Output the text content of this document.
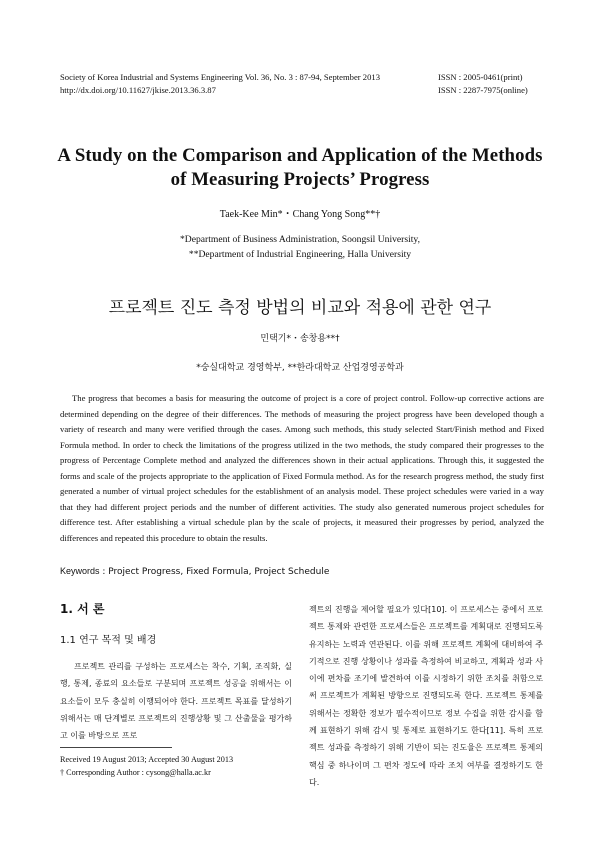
Society of Korea Industrial and Systems Engineering Vol. 36, No. 3 : 87-94, September 2013
http://dx.doi.org/10.11627/jkise.2013.36.3.87
ISSN : 2005-0461(print)
ISSN : 2287-7975(online)
A Study on the Comparison and Application of the Methods
of Measuring Projects’ Progress
Taek-Kee Min*・Chang Yong Song**†
*Department of Business Administration, Soongsil University,
**Department of Industrial Engineering, Halla University
프로젝트 진도 측정 방법의 비교와 적용에 관한 연구
민택기*・송창용**†
*숭실대학교 경영학부, **한라대학교 산업경영공학과

The progress that becomes a basis for measuring the outcome of project is a core of project control. Follow-up corrective actions are determined depending on the degree of their differences. The methods of measuring the project progress have been developed though a variety of research and many were verified through the cases. Among such methods, this study selected Start/Finish method and Fixed Formula method. In order to check the limitations of the progress utilized in the two methods, the study compared their progresses to the progress of Percentage Complete method and analyzed the differences shown in their actual applications. Through this, it suggested the forms and scale of the projects appropriate to the application of Fixed Formula method. As for the research progress method, the study first generated a number of virtual project schedules for the establishment of an analysis model. These project schedules were varied in a way that they had different project periods and the number of different activities. The study also generated numerous project schedules for difference test. After establishing a virtual schedule plan by the scale of projects, it measured their progresses by period, analyzed the differences and repeated this procedure to obtain the results.

Keywords : Project Progress, Fixed Formula, Project Schedule
1. 서 론
1.1 연구 목적 및 배경

프로젝트 관리를 구성하는 프로세스는 착수, 기획, 조직화, 실행, 통제, 종료의 요소들로 구분되며 프로젝트 성공을 위해서는 이 요소들이 모두 충실히 이행되어야 한다. 프로젝트 목표를 달성하기 위해서는 매 단계별로 프로젝트의 진행상황 및 그 산출물을 평가하고 이를 바탕으로 프로

젝트의 진행을 제어할 필요가 있다[10]. 이 프로세스는 중에서 프로젝트 통제와 관련한 프로세스들은 프로젝트를 계획대로 진행되도록 유지하는 노력과 연관된다. 이를 위해 프로젝트 계획에 대비하여 주기적으로 진행 상황이나 성과를 측정하여 비교하고, 계획과 성과 사이에 편차를 조기에 발견하여 이를 시정하기 위한 조치를 취함으로써 프로젝트가 계획된 방향으로 진행되도록 한다. 프로젝트 통제를 위해서는 정확한 정보가 필수적이므로 정보 수집을 위한 감시를 함께 표현하기 위해 감시 및 통제로 표현하기도 한다[11]. 특히 프로젝트 성과를 측정하기 위해 기반이 되는 진도율은 프로젝트 통제의 핵심 중 하나이며 그 편차 정도에 따라 조치 여부를 결정하기도 한다.

Received 19 August 2013; Accepted 30 August 2013
† Corresponding Author : cysong@halla.ac.kr
